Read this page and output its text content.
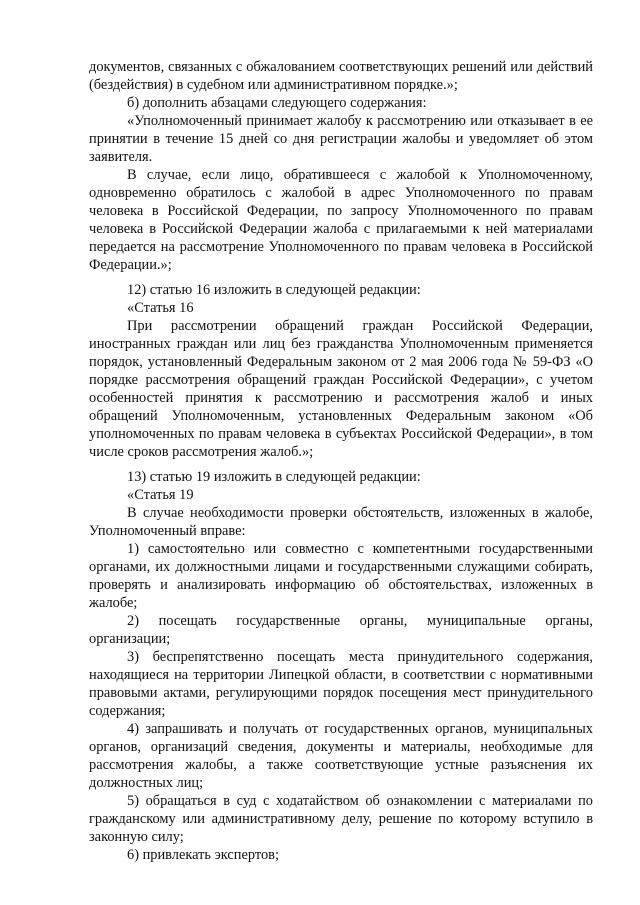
документов, связанных с обжалованием соответствующих решений или действий (бездействия) в судебном или административном порядке.»;

б) дополнить абзацами следующего содержания:

«Уполномоченный принимает жалобу к рассмотрению или отказывает в ее принятии в течение 15 дней со дня регистрации жалобы и уведомляет об этом заявителя.

В случае, если лицо, обратившееся с жалобой к Уполномоченному, одновременно обратилось с жалобой в адрес Уполномоченного по правам человека в Российской Федерации, по запросу Уполномоченного по правам человека в Российской Федерации жалоба с прилагаемыми к ней материалами передается на рассмотрение Уполномоченного по правам человека в Российской Федерации.»;

12) статью 16 изложить в следующей редакции:

«Статья 16

При рассмотрении обращений граждан Российской Федерации, иностранных граждан или лиц без гражданства Уполномоченным применяется порядок, установленный Федеральным законом от 2 мая 2006 года № 59-ФЗ «О порядке рассмотрения обращений граждан Российской Федерации», с учетом особенностей принятия к рассмотрению и рассмотрения жалоб и иных обращений Уполномоченным, установленных Федеральным законом «Об уполномоченных по правам человека в субъектах Российской Федерации», в том числе сроков рассмотрения жалоб.»;

13) статью 19 изложить в следующей редакции:

«Статья 19

В случае необходимости проверки обстоятельств, изложенных в жалобе, Уполномоченный вправе:

1) самостоятельно или совместно с компетентными государственными органами, их должностными лицами и государственными служащими собирать, проверять и анализировать информацию об обстоятельствах, изложенных в жалобе;

2) посещать государственные органы, муниципальные органы, организации;

3) беспрепятственно посещать места принудительного содержания, находящиеся на территории Липецкой области, в соответствии с нормативными правовыми актами, регулирующими порядок посещения мест принудительного содержания;

4) запрашивать и получать от государственных органов, муниципальных органов, организаций сведения, документы и материалы, необходимые для рассмотрения жалобы, а также соответствующие устные разъяснения их должностных лиц;

5) обращаться в суд с ходатайством об ознакомлении с материалами по гражданскому или административному делу, решение по которому вступило в законную силу;

6) привлекать экспертов;
